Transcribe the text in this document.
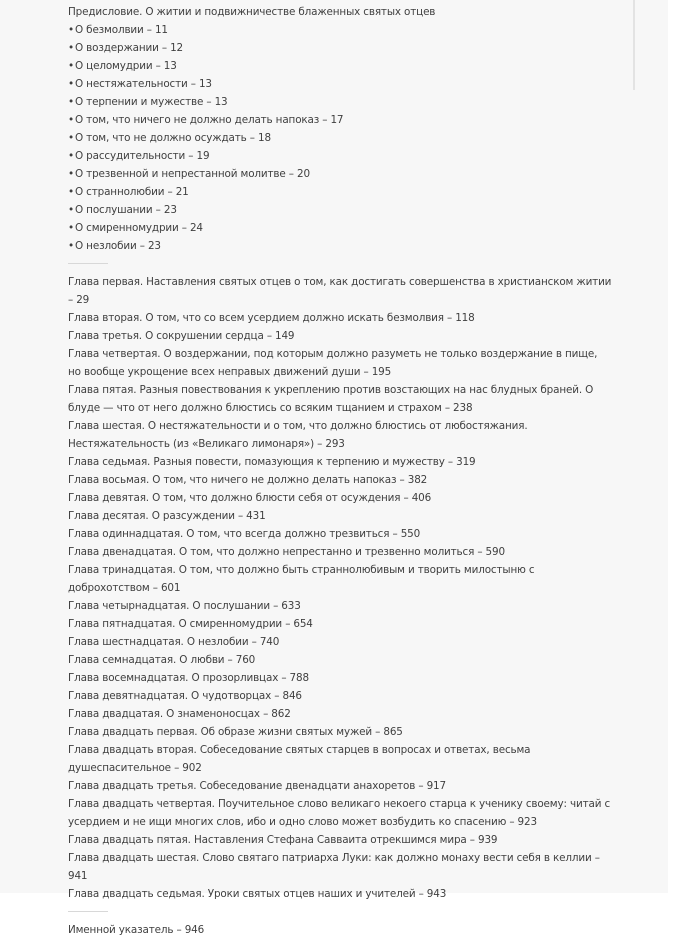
Предисловие. О житии и подвижничестве блаженных святых отцев
• О безмолвии – 11
• О воздержании – 12
• О целомудрии – 13
• О нестяжательности – 13
• О терпении и мужестве – 13
• О том, что ничего не должно делать напоказ – 17
• О том, что не должно осуждать – 18
• О рассудительности – 19
• О трезвенной и непрестанной молитве – 20
• О страннолюбии – 21
• О послушании – 23
• О смиренномудрии – 24
• О незлобии – 23
Глава первая. Наставления святых отцев о том, как достигать совершенства в христианском житии – 29
Глава вторая. О том, что со всем усердием должно искать безмолвия – 118
Глава третья. О сокрушении сердца – 149
Глава четвертая. О воздержании, под которым должно разуметь не только воздержание в пище, но вообще укрощение всех неправых движений души – 195
Глава пятая. Разныя повествования к укреплению против возстающих на нас блудных браней. О блуде — что от него должно блюстись со всяким тщанием и страхом – 238
Глава шестая. О нестяжательности и о том, что должно блюстись от любостяжания. Нестяжательность (из «Великаго лимонаря») – 293
Глава седьмая. Разныя повести, помазующия к терпению и мужеству – 319
Глава восьмая. О том, что ничего не должно делать напоказ – 382
Глава девятая. О том, что должно блюсти себя от осуждения – 406
Глава десятая. О разсуждении – 431
Глава одиннадцатая. О том, что всегда должно трезвиться – 550
Глава двенадцатая. О том, что должно непрестанно и трезвенно молиться – 590
Глава тринадцатая. О том, что должно быть страннолюбивым и творить милостыню с доброхотством – 601
Глава четырнадцатая. О послушании – 633
Глава пятнадцатая. О смиренномудрии – 654
Глава шестнадцатая. О незлобии – 740
Глава семнадцатая. О любви – 760
Глава восемнадцатая. О прозорливцах – 788
Глава девятнадцатая. О чудотворцах – 846
Глава двадцатая. О знаменоносцах – 862
Глава двадцать первая. Об образе жизни святых мужей – 865
Глава двадцать вторая. Собеседование святых старцев в вопросах и ответах, весьма душеспасительное – 902
Глава двадцать третья. Собеседование двенадцати анахоретов – 917
Глава двадцать четвертая. Поучительное слово великаго некоего старца к ученику своему: читай с усердием и не ищи многих слов, ибо и одно слово может возбудить ко спасению – 923
Глава двадцать пятая. Наставления Стефана Саввaита отрекшимся мира – 939
Глава двадцать шестая. Слово святаго патриарха Луки: как должно монаху вести себя в келлии – 941
Глава двадцать седьмая. Уроки святых отцев наших и учителей – 943
Именной указатель – 946
